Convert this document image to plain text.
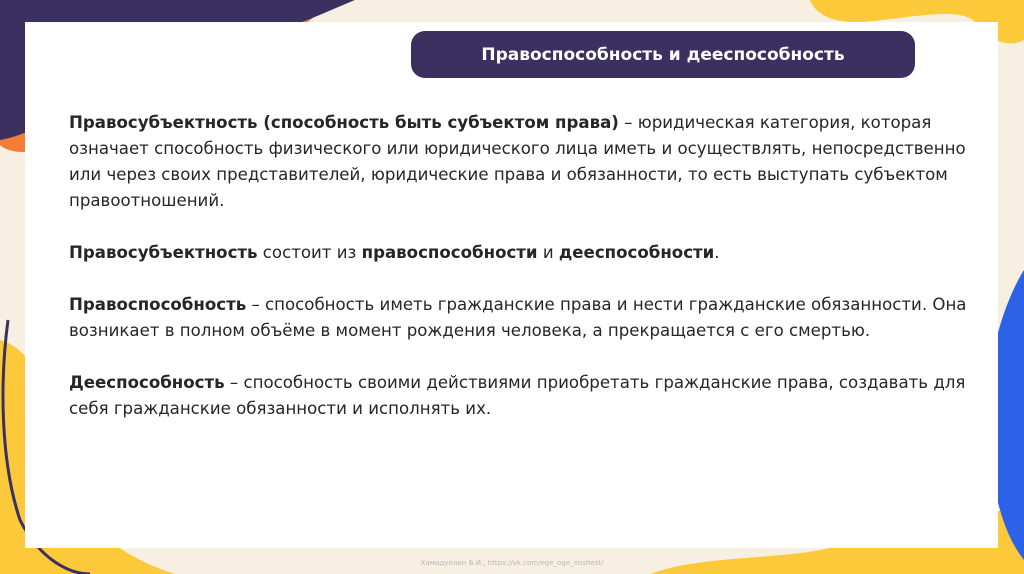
Правоспособность и дееспособность

Правосубъектность (способность быть субъектом права) – юридическая категория, которая означает способность физического или юридического лица иметь и осуществлять, непосредственно или через своих представителей, юридические права и обязанности, то есть выступать субъектом правоотношений.

Правосубъектность состоит из правоспособности и дееспособности.

Правоспособность – способность иметь гражданские права и нести гражданские обязанности. Она возникает в полном объёме в момент рождения человека, а прекращается с его смертью.

Дееспособность – способность своими действиями приобретать гражданские права, создавать для себя гражданские обязанности и исполнять их.

Хамидуллин Б.И., https://vk.com/ege_oge_obshest/
